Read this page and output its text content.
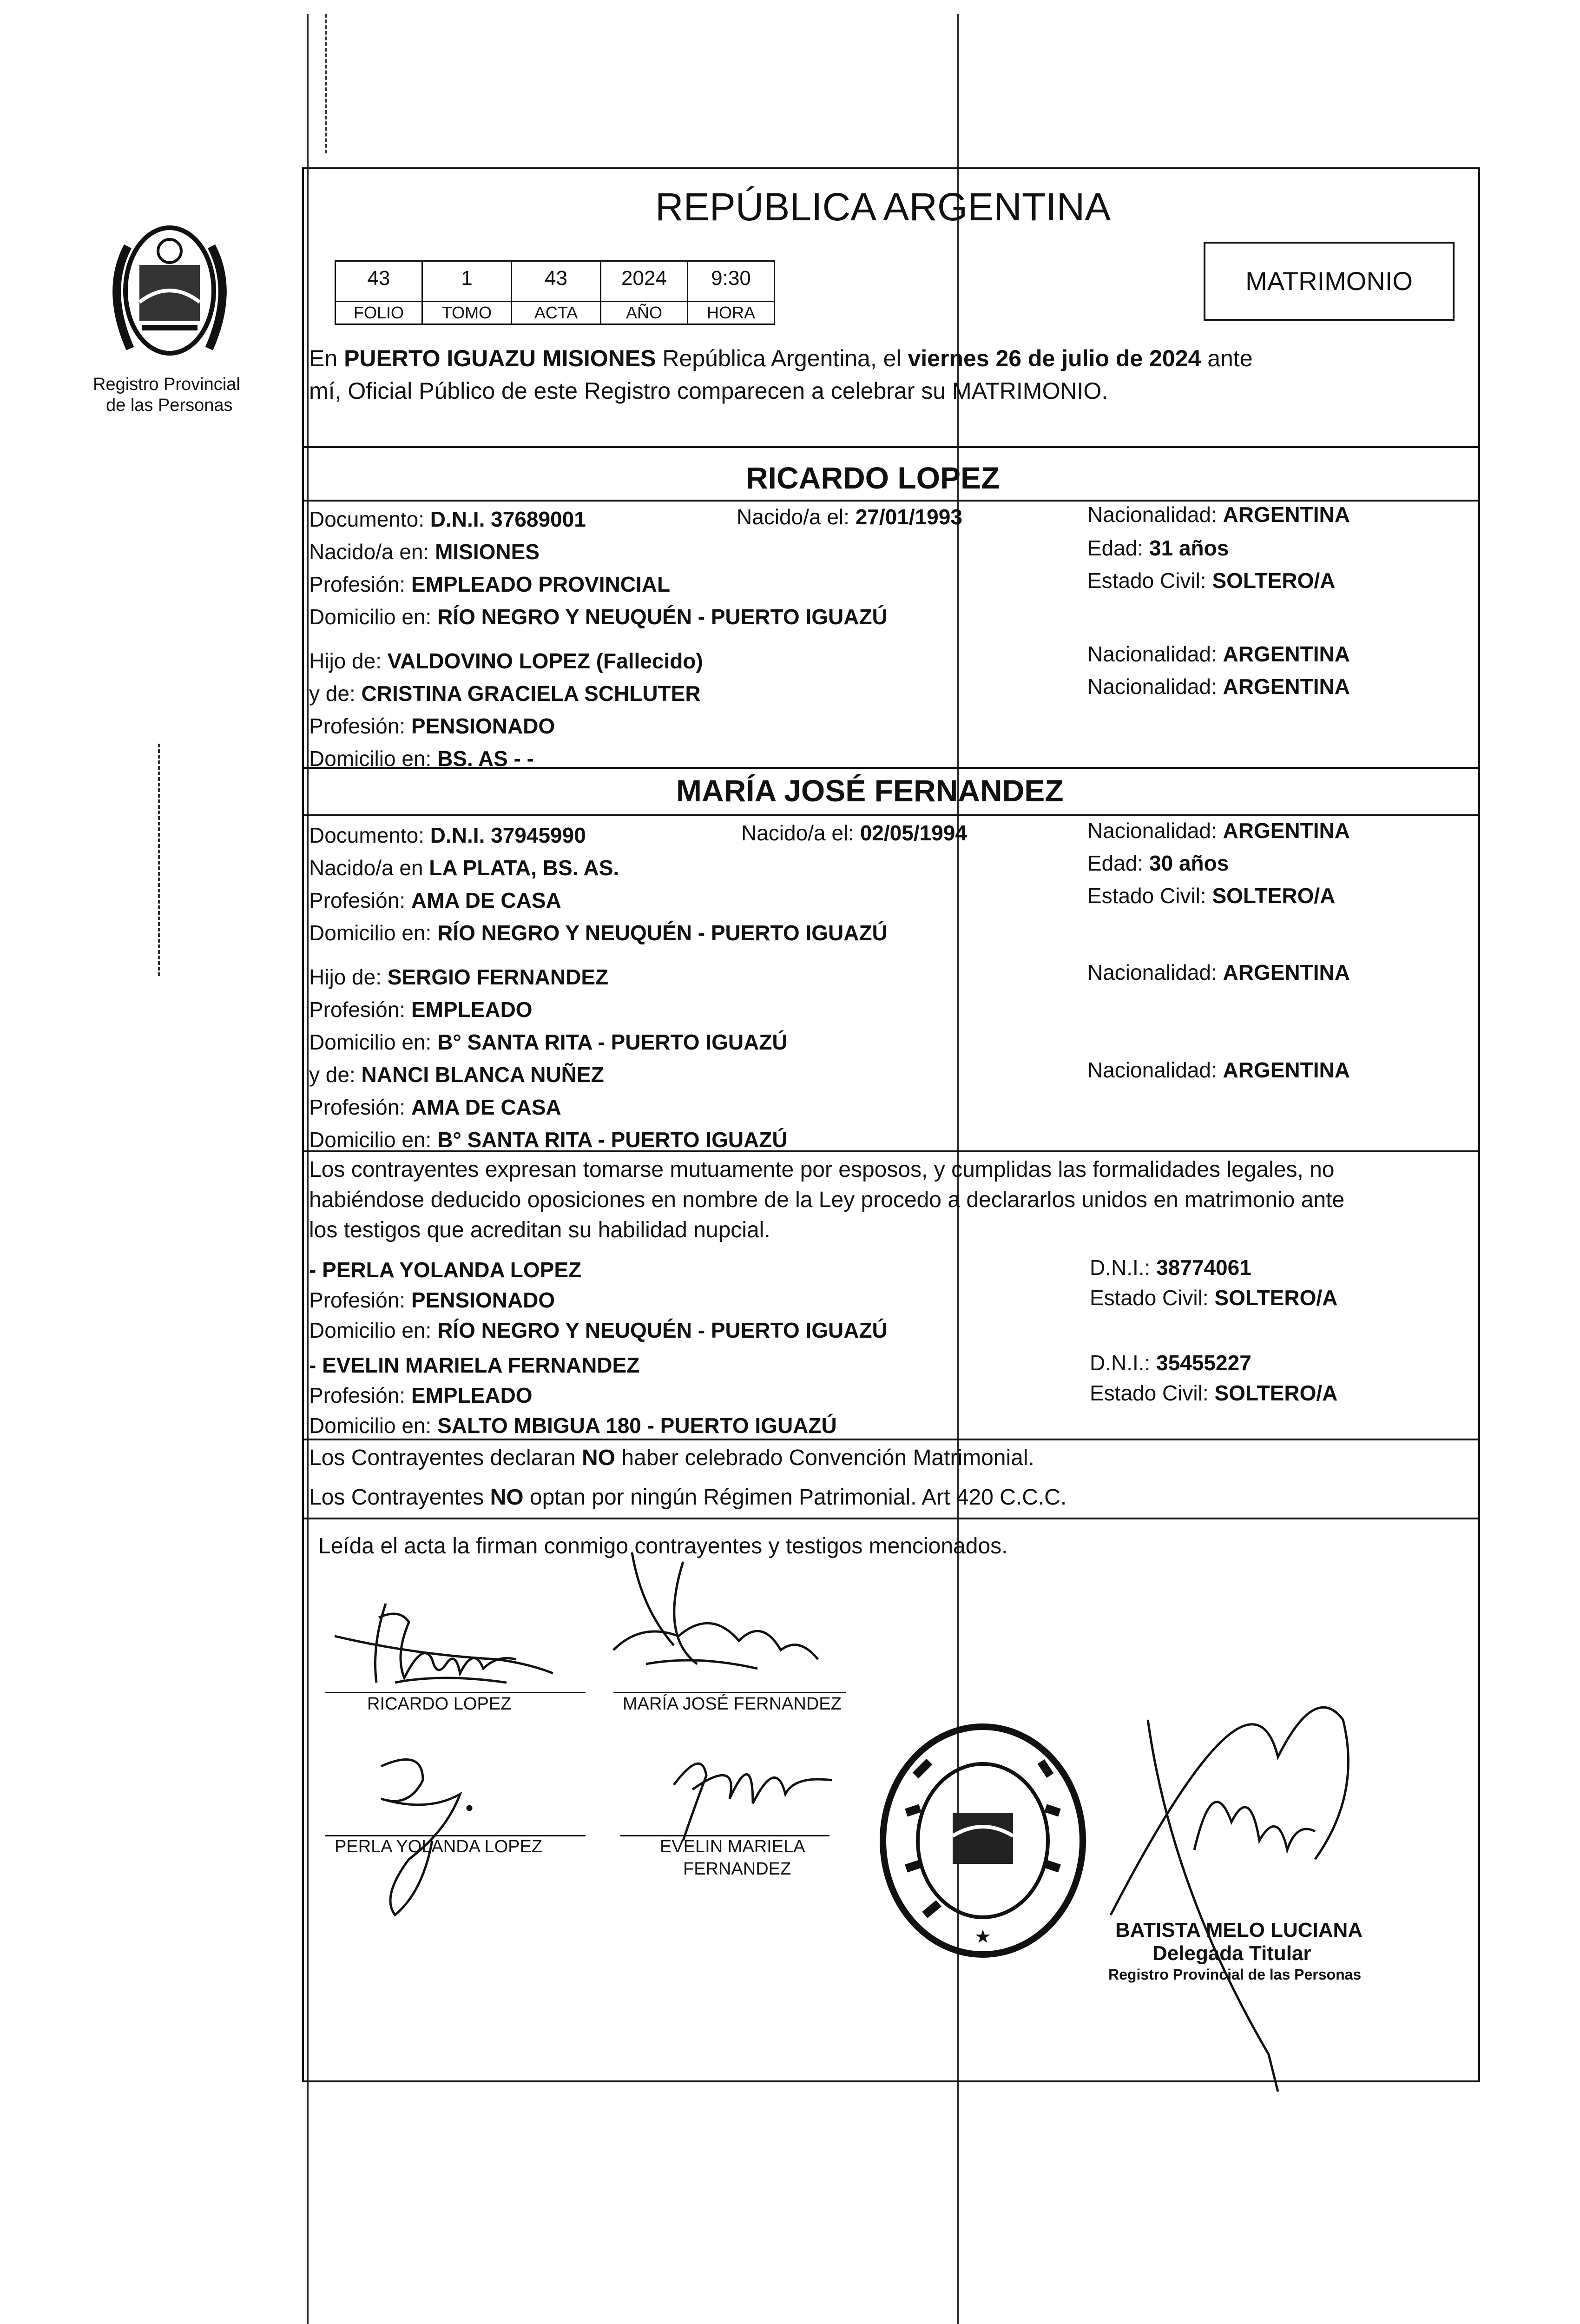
Registro Provincial
de las Personas
REPÚBLICA ARGENTINA
43	1	43	2024	9:30
FOLIO	TOMO	ACTA	AÑO	HORA
MATRIMONIO
En PUERTO IGUAZU MISIONES República Argentina, el viernes 26 de julio de 2024 ante
mí, Oficial Público de este Registro comparecen a celebrar su MATRIMONIO.
RICARDO LOPEZ
Documento: D.N.I. 37689001	Nacido/a el: 27/01/1993	Nacionalidad: ARGENTINA
Nacido/a en: MISIONES	Edad: 31 años
Profesión: EMPLEADO PROVINCIAL	Estado Civil: SOLTERO/A
Domicilio en: RÍO NEGRO Y NEUQUÉN - PUERTO IGUAZÚ
Hijo de: VALDOVINO LOPEZ (Fallecido)	Nacionalidad: ARGENTINA
y de: CRISTINA GRACIELA SCHLUTER	Nacionalidad: ARGENTINA
Profesión: PENSIONADO
Domicilio en: BS. AS - -
MARÍA JOSÉ FERNANDEZ
Documento: D.N.I. 37945990	Nacido/a el: 02/05/1994	Nacionalidad: ARGENTINA
Nacido/a en LA PLATA, BS. AS.	Edad: 30 años
Profesión: AMA DE CASA	Estado Civil: SOLTERO/A
Domicilio en: RÍO NEGRO Y NEUQUÉN - PUERTO IGUAZÚ
Hijo de: SERGIO FERNANDEZ	Nacionalidad: ARGENTINA
Profesión: EMPLEADO
Domicilio en: B° SANTA RITA - PUERTO IGUAZÚ
y de: NANCI BLANCA NUÑEZ	Nacionalidad: ARGENTINA
Profesión: AMA DE CASA
Domicilio en: B° SANTA RITA - PUERTO IGUAZÚ
Los contrayentes expresan tomarse mutuamente por esposos, y cumplidas las formalidades legales, no
habiéndose deducido oposiciones en nombre de la Ley procedo a declararlos unidos en matrimonio ante
los testigos que acreditan su habilidad nupcial.
- PERLA YOLANDA LOPEZ	D.N.I.: 38774061
Profesión: PENSIONADO	Estado Civil: SOLTERO/A
Domicilio en: RÍO NEGRO Y NEUQUÉN - PUERTO IGUAZÚ
- EVELIN MARIELA FERNANDEZ	D.N.I.: 35455227
Profesión: EMPLEADO	Estado Civil: SOLTERO/A
Domicilio en: SALTO MBIGUA 180 - PUERTO IGUAZÚ
Los Contrayentes declaran NO haber celebrado Convención Matrimonial.
Los Contrayentes NO optan por ningún Régimen Patrimonial. Art 420 C.C.C.
Leída el acta la firman conmigo contrayentes y testigos mencionados.
RICARDO LOPEZ	MARÍA JOSÉ FERNANDEZ
PERLA YOLANDA LOPEZ	EVELIN MARIELA
FERNANDEZ
★	BATISTA MELO LUCIANA
Delegada Titular
Registro Provincial de las Personas
